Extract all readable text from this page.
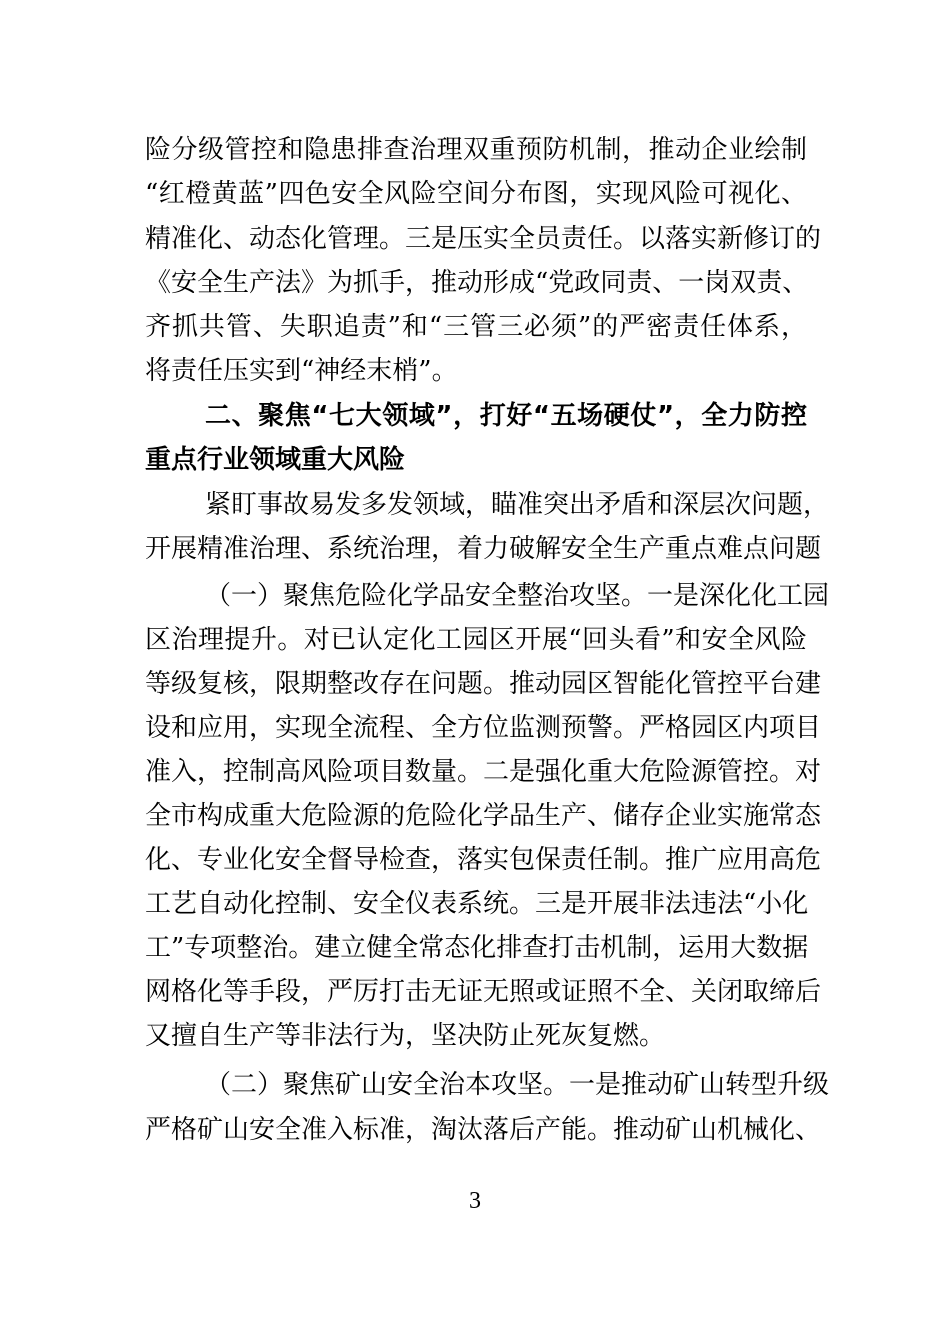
险分级管控和隐患排查治理双重预防机制，推动企业绘制
“红橙黄蓝”四色安全风险空间分布图，实现风险可视化、
精准化、动态化管理。三是压实全员责任。以落实新修订的
《安全生产法》为抓手，推动形成“党政同责、一岗双责、
齐抓共管、失职追责”和“三管三必须”的严密责任体系，
将责任压实到“神经末梢”。
二、聚焦“七大领域”，打好“五场硬仗”，全力防控
重点行业领域重大风险
紧盯事故易发多发领域，瞄准突出矛盾和深层次问题，
开展精准治理、系统治理，着力破解安全生产重点难点问题
（一）聚焦危险化学品安全整治攻坚。一是深化化工园
区治理提升。对已认定化工园区开展“回头看”和安全风险
等级复核，限期整改存在问题。推动园区智能化管控平台建
设和应用，实现全流程、全方位监测预警。严格园区内项目
准入，控制高风险项目数量。二是强化重大危险源管控。对
全市构成重大危险源的危险化学品生产、储存企业实施常态
化、专业化安全督导检查，落实包保责任制。推广应用高危
工艺自动化控制、安全仪表系统。三是开展非法违法“小化
工”专项整治。建立健全常态化排查打击机制，运用大数据
网格化等手段，严厉打击无证无照或证照不全、关闭取缔后
又擅自生产等非法行为，坚决防止死灰复燃。
（二）聚焦矿山安全治本攻坚。一是推动矿山转型升级
严格矿山安全准入标准，淘汰落后产能。推动矿山机械化、
3
